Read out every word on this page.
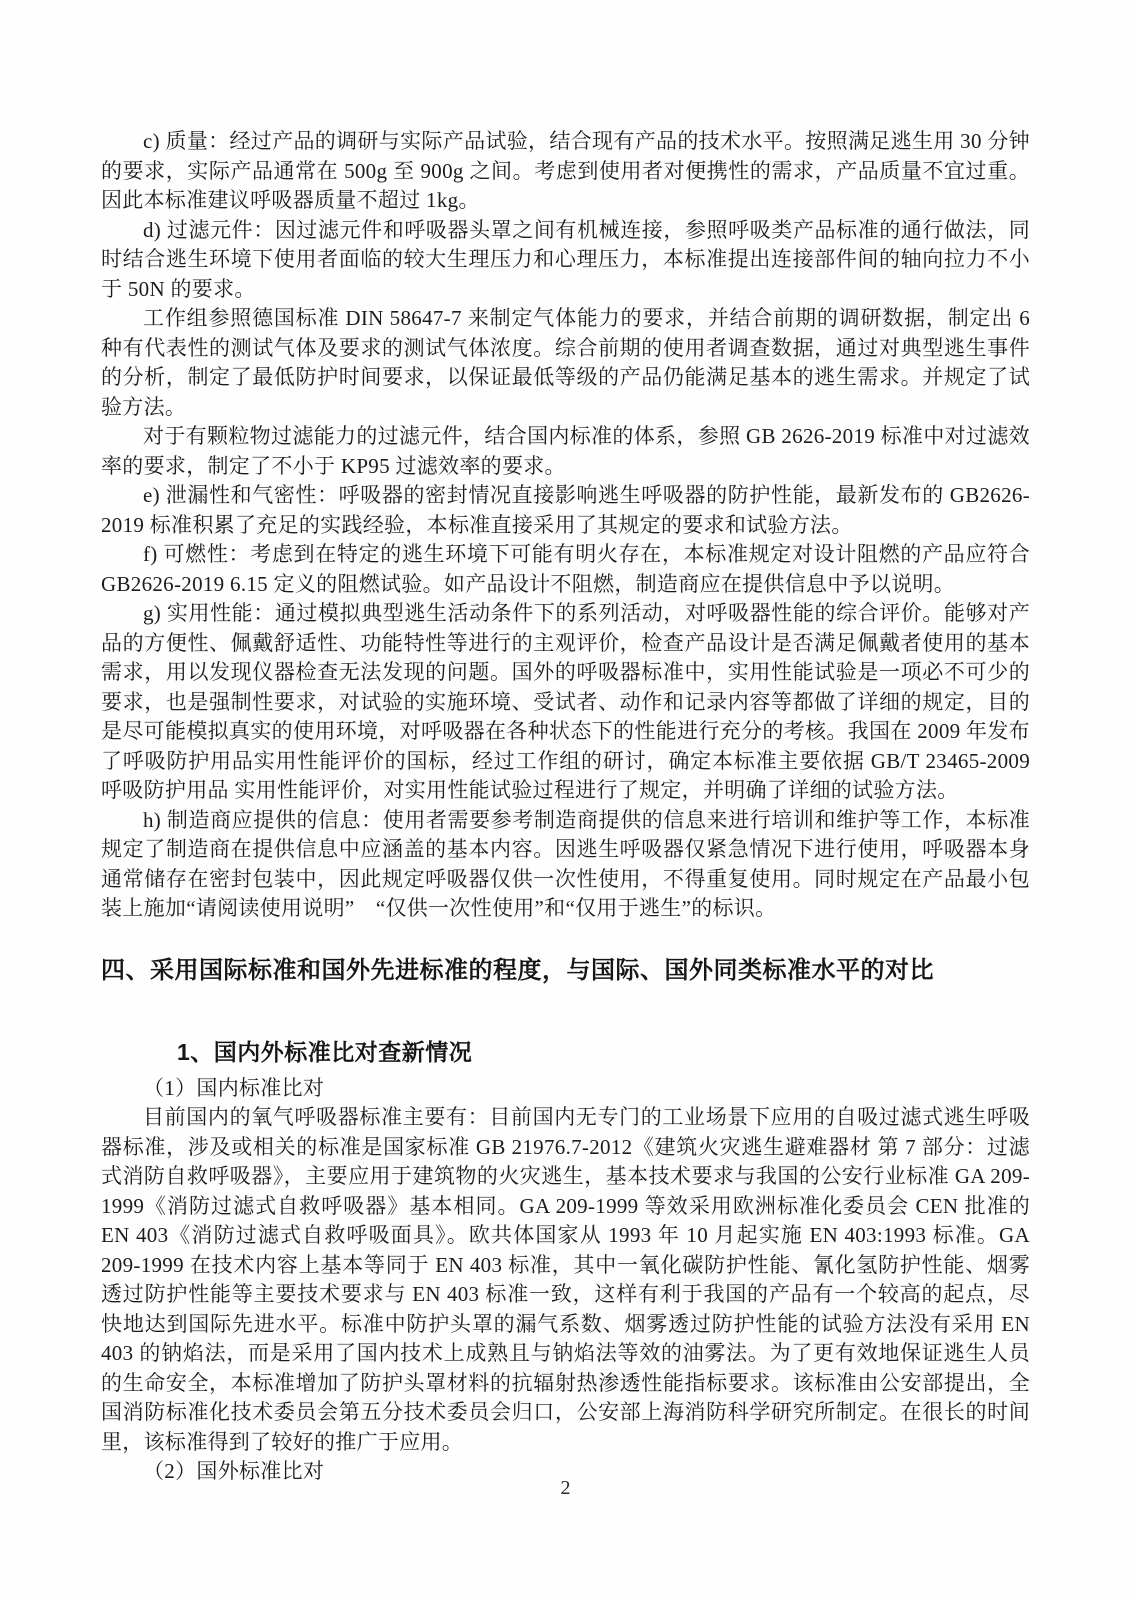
c) 质量：经过产品的调研与实际产品试验，结合现有产品的技术水平。按照满足逃生用 30 分钟的要求，实际产品通常在 500g 至 900g 之间。考虑到使用者对便携性的需求，产品质量不宜过重。因此本标准建议呼吸器质量不超过 1kg。

d) 过滤元件：因过滤元件和呼吸器头罩之间有机械连接，参照呼吸类产品标准的通行做法，同时结合逃生环境下使用者面临的较大生理压力和心理压力，本标准提出连接部件间的轴向拉力不小于 50N 的要求。

工作组参照德国标准 DIN 58647-7 来制定气体能力的要求，并结合前期的调研数据，制定出 6 种有代表性的测试气体及要求的测试气体浓度。综合前期的使用者调查数据，通过对典型逃生事件的分析，制定了最低防护时间要求，以保证最低等级的产品仍能满足基本的逃生需求。并规定了试验方法。

对于有颗粒物过滤能力的过滤元件，结合国内标准的体系，参照 GB 2626-2019 标准中对过滤效率的要求，制定了不小于 KP95 过滤效率的要求。

e) 泄漏性和气密性：呼吸器的密封情况直接影响逃生呼吸器的防护性能，最新发布的 GB2626-2019 标准积累了充足的实践经验，本标准直接采用了其规定的要求和试验方法。

f) 可燃性：考虑到在特定的逃生环境下可能有明火存在，本标准规定对设计阻燃的产品应符合 GB2626-2019 6.15 定义的阻燃试验。如产品设计不阻燃，制造商应在提供信息中予以说明。

g) 实用性能：通过模拟典型逃生活动条件下的系列活动，对呼吸器性能的综合评价。能够对产品的方便性、佩戴舒适性、功能特性等进行的主观评价，检查产品设计是否满足佩戴者使用的基本需求，用以发现仪器检查无法发现的问题。国外的呼吸器标准中，实用性能试验是一项必不可少的要求，也是强制性要求，对试验的实施环境、受试者、动作和记录内容等都做了详细的规定，目的是尽可能模拟真实的使用环境，对呼吸器在各种状态下的性能进行充分的考核。我国在 2009 年发布了呼吸防护用品实用性能评价的国标，经过工作组的研讨，确定本标准主要依据 GB/T 23465-2009 呼吸防护用品 实用性能评价，对实用性能试验过程进行了规定，并明确了详细的试验方法。

h) 制造商应提供的信息：使用者需要参考制造商提供的信息来进行培训和维护等工作，本标准规定了制造商在提供信息中应涵盖的基本内容。因逃生呼吸器仅紧急情况下进行使用，呼吸器本身通常储存在密封包装中，因此规定呼吸器仅供一次性使用，不得重复使用。同时规定在产品最小包装上施加“请阅读使用说明”　“仅供一次性使用”和“仅用于逃生”的标识。

四、采用国际标准和国外先进标准的程度，与国际、国外同类标准水平的对比
1、国内外标准比对查新情况

（1）国内标准比对

目前国内的氧气呼吸器标准主要有：目前国内无专门的工业场景下应用的自吸过滤式逃生呼吸器标准，涉及或相关的标准是国家标准 GB 21976.7-2012《建筑火灾逃生避难器材 第 7 部分：过滤式消防自救呼吸器》，主要应用于建筑物的火灾逃生，基本技术要求与我国的公安行业标准 GA 209-1999《消防过滤式自救呼吸器》基本相同。GA 209-1999 等效采用欧洲标准化委员会 CEN 批准的 EN 403《消防过滤式自救呼吸面具》。欧共体国家从 1993 年 10 月起实施 EN 403:1993 标准。GA 209-1999 在技术内容上基本等同于 EN 403 标准，其中一氧化碳防护性能、氰化氢防护性能、烟雾透过防护性能等主要技术要求与 EN 403 标准一致，这样有利于我国的产品有一个较高的起点，尽快地达到国际先进水平。标准中防护头罩的漏气系数、烟雾透过防护性能的试验方法没有采用 EN 403 的钠焰法，而是采用了国内技术上成熟且与钠焰法等效的油雾法。为了更有效地保证逃生人员的生命安全，本标准增加了防护头罩材料的抗辐射热渗透性能指标要求。该标准由公安部提出，全国消防标准化技术委员会第五分技术委员会归口，公安部上海消防科学研究所制定。在很长的时间里，该标准得到了较好的推广于应用。

（2）国外标准比对

2
